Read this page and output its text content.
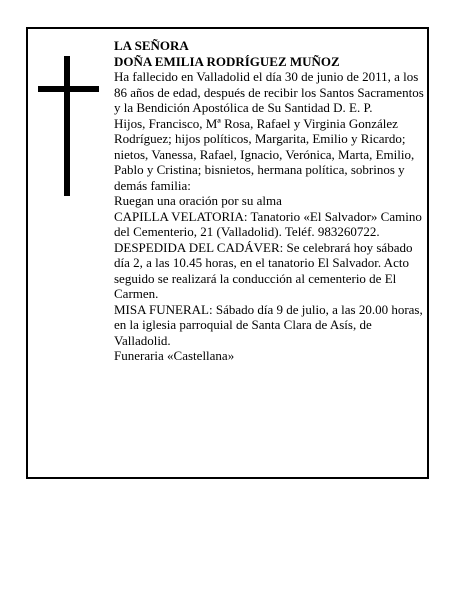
LA SEÑORA

DOÑA EMILIA RODRÍGUEZ MUÑOZ

Ha fallecido en Valladolid el día 30 de junio de 2011, a los 86 años de edad, después de recibir los Santos Sacramentos y la Bendición Apostólica de Su Santidad D. E. P.

Hijos, Francisco, Mª Rosa, Rafael y Virginia González Rodríguez; hijos políticos, Margarita, Emilio y Ricardo; nietos, Vanessa, Rafael, Ignacio, Verónica, Marta, Emilio, Pablo y Cristina; bisnietos, hermana política, sobrinos y demás familia:

Ruegan una oración por su alma

CAPILLA VELATORIA: Tanatorio «El Salvador» Camino del Cementerio, 21 (Valladolid). Teléf. 983260722.

DESPEDIDA DEL CADÁVER: Se celebrará hoy sábado día 2, a las 10.45 horas, en el tanatorio El Salvador. Acto seguido se realizará la conducción al cementerio de El Carmen.

MISA FUNERAL: Sábado día 9 de julio, a las 20.00 horas, en la iglesia parroquial de Santa Clara de Asís, de Valladolid.

Funeraria «Castellana»
